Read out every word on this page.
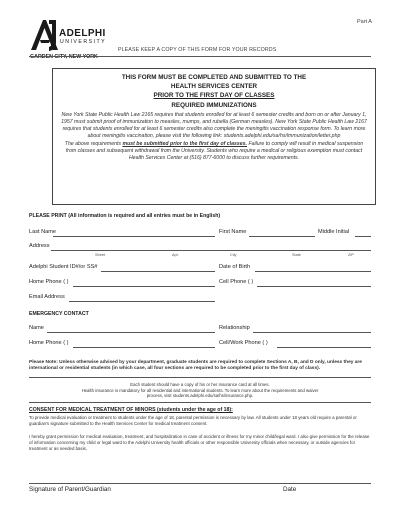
Part A
ADELPHI
UNIVERSITY
GARDEN CITY, NEW YORK
PLEASE KEEP A COPY OF THIS FORM FOR YOUR RECORDS
THIS FORM MUST BE COMPLETED AND SUBMITTED TO THE
HEALTH SERVICES CENTER
PRIOR TO THE FIRST DAY OF CLASSES
REQUIRED IMMUNIZATIONS
New York State Public Health Law 2165 requires that students enrolled for at least 6 semester credits and born on or after January 1, 1957 must submit proof of immunization to measles, mumps, and rubella (German measles). New York State Public Health Law 2167 requires that students enrolled for at least 6 semester credits also complete the meningitis vaccination response form. To learn more about meningitis vaccination, please visit the following link: students.adelphi.edu/sa/hs/immunization/letter.php
The above requirements must be submitted prior to the first day of classes. Failure to comply will result in medical suspension from classes and subsequent withdrawal from the University. Students who require a medical or religious exemption must contact Health Services Center at (516) 877-6000 to discuss further requirements.
PLEASE PRINT (All information is required and all entries must be in English)
Last Name	First Name	Middle Initial
Address
Street	Apt.	City	State	ZIP
Adelphi Student ID#/or SS#	Date of Birth
Home Phone ( )	Cell Phone ( )
Email Address
EMERGENCY CONTACT
Name	Relationship
Home Phone ( )	Cell/Work Phone ( )
Please Note: Unless otherwise advised by your department, graduate students are required to complete Sections A, B, and D only, unless they are international or residential students (in which case, all four sections are required to be completed prior to the first day of class).
Each student should have a copy of his or her insurance card at all times.
Health insurance is mandatory for all residential and international students. To learn more about the requirements and waiver
process, visit students.adelphi.edu/sa/hs/insurance.php.
CONSENT FOR MEDICAL TREATMENT OF MINORS (students under the age of 18):
To provide medical evaluation or treatment to students under the age of 18, parental permission is necessary by law. All students under 18 years old require a parental or guardian's signature submitted to the Health Services Center for medical treatment consent.
I hereby grant permission for medical evaluation, treatment, and hospitalization in case of accident or illness for my minor child/legal ward. I also give permission for the release of information concerning my child or legal ward to the Adelphi University health officials or other responsible University officials when necessary, or outside agencies for treatment or as needed basis.
Signature of Parent/Guardian	Date
